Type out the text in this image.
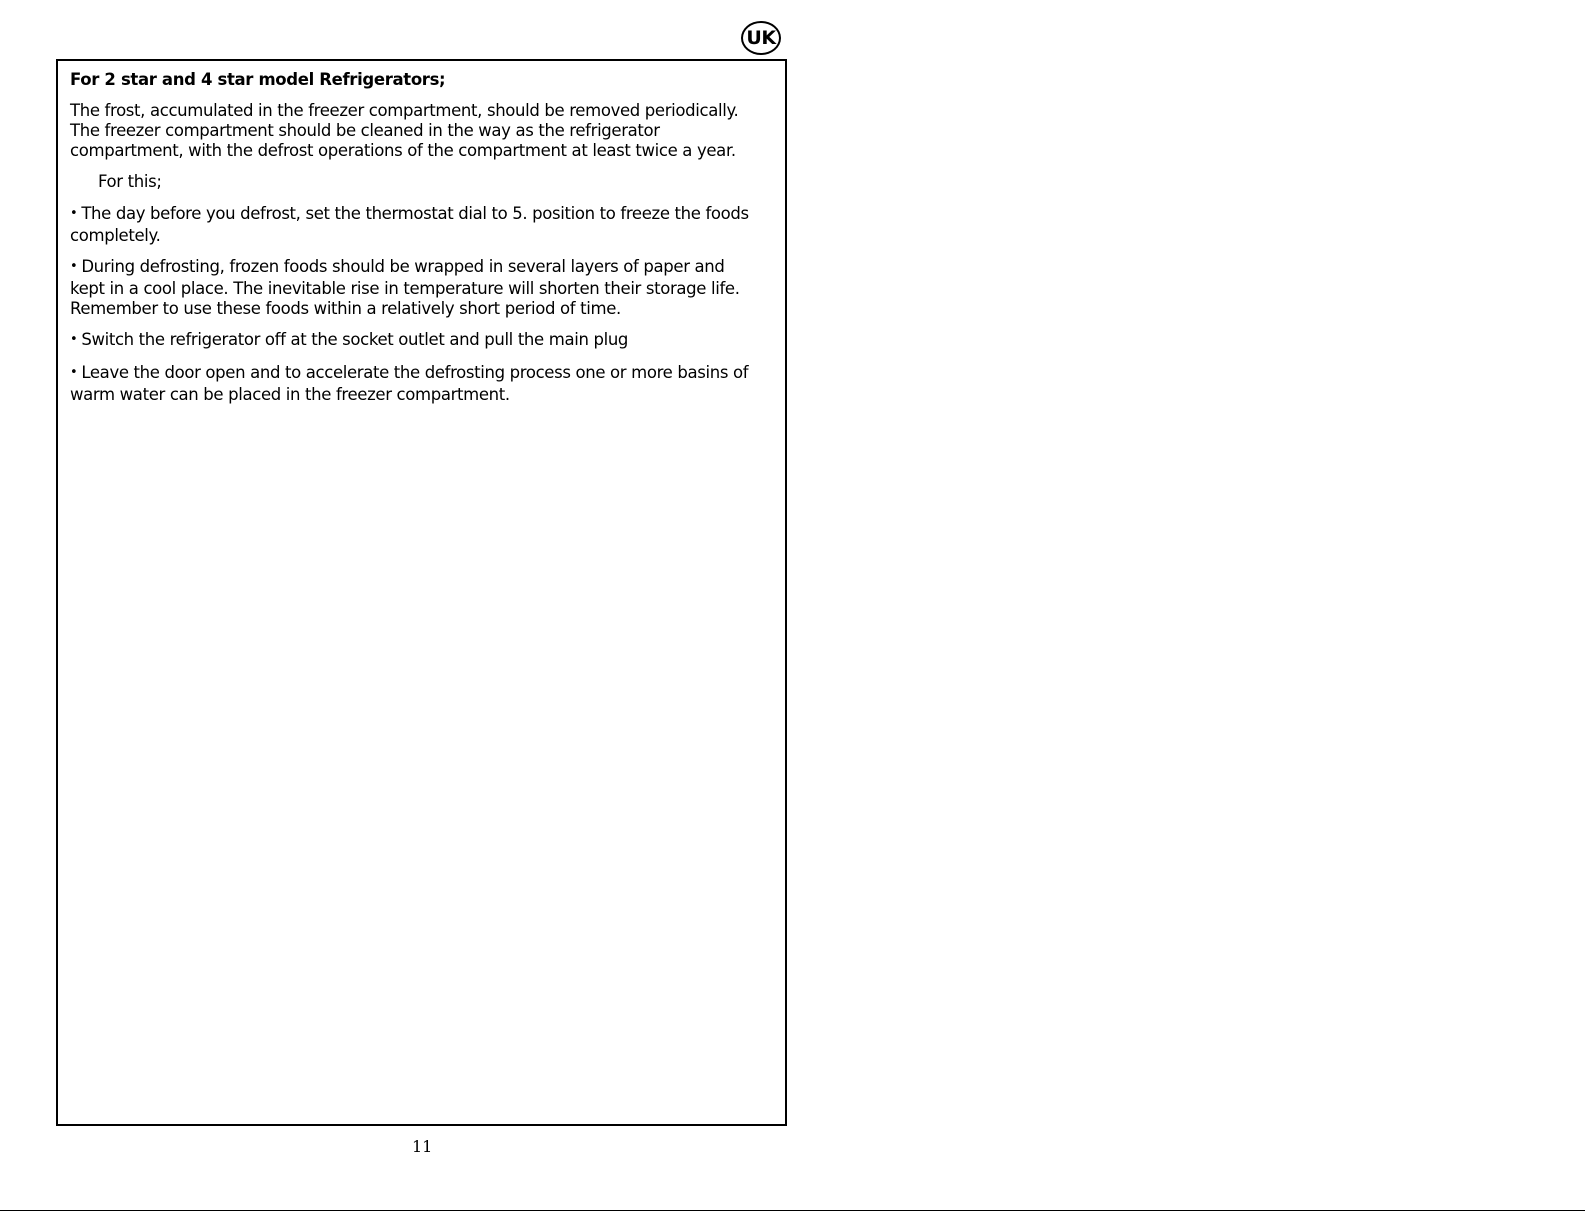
UK

For 2 star and 4 star model Refrigerators;

The frost, accumulated in the freezer compartment, should be removed periodically. The freezer compartment should be cleaned in the way as the refrigerator compartment, with the defrost operations of the compartment at least twice a year.

For this;

• The day before you defrost, set the thermostat dial to 5. position to freeze the foods completely.

• During defrosting, frozen foods should be wrapped in several layers of paper and kept in a cool place. The inevitable rise in temperature will shorten their storage life. Remember to use these foods within a relatively short period of time.

• Switch the refrigerator off at the socket outlet and pull the main plug

• Leave the door open and to accelerate the defrosting process one or more basins of warm water can be placed in the freezer compartment.

11
